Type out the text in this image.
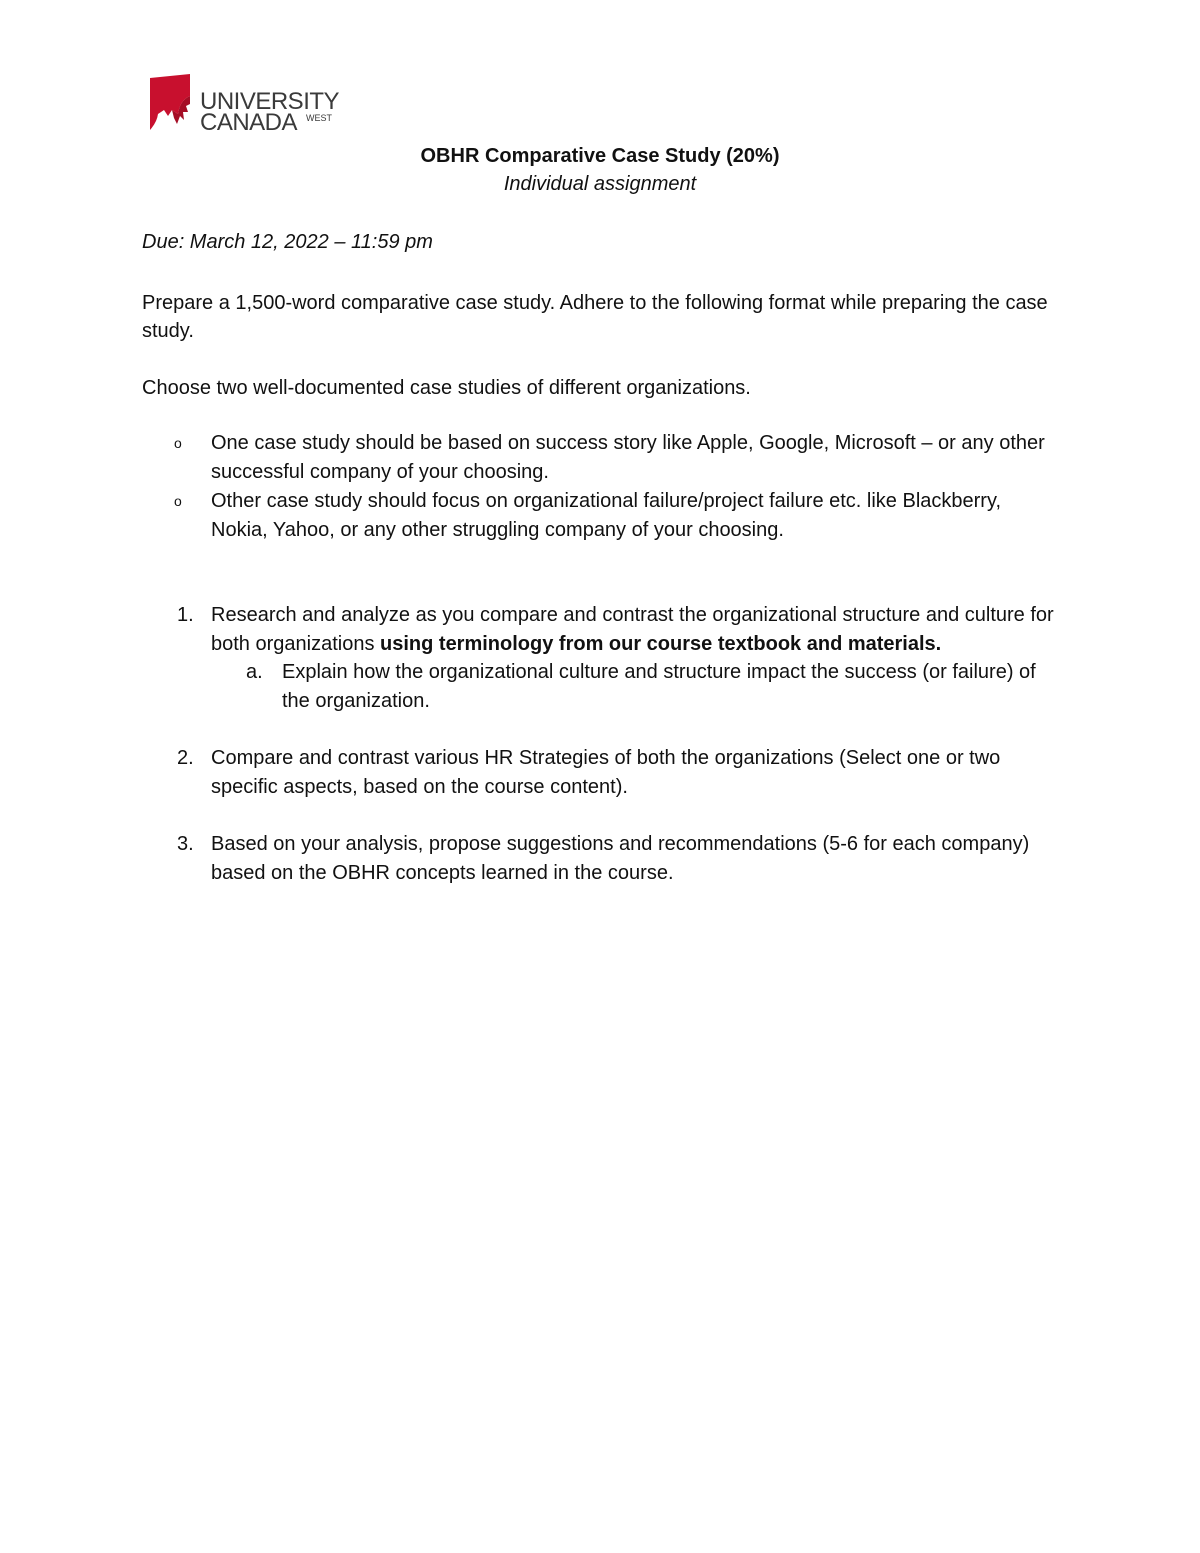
UNIVERSITY
CANADA WEST
OBHR Comparative Case Study (20%)
Individual assignment
Due: March 12, 2022 – 11:59 pm
Prepare a 1,500-word comparative case study. Adhere to the following format while preparing the case study.
Choose two well-documented case studies of different organizations.
o One case study should be based on success story like Apple, Google, Microsoft – or any other successful company of your choosing.
o Other case study should focus on organizational failure/project failure etc. like Blackberry, Nokia, Yahoo, or any other struggling company of your choosing.
1. Research and analyze as you compare and contrast the organizational structure and culture for both organizations using terminology from our course textbook and materials.
a. Explain how the organizational culture and structure impact the success (or failure) of the organization.
2. Compare and contrast various HR Strategies of both the organizations (Select one or two specific aspects, based on the course content).
3. Based on your analysis, propose suggestions and recommendations (5-6 for each company) based on the OBHR concepts learned in the course.
